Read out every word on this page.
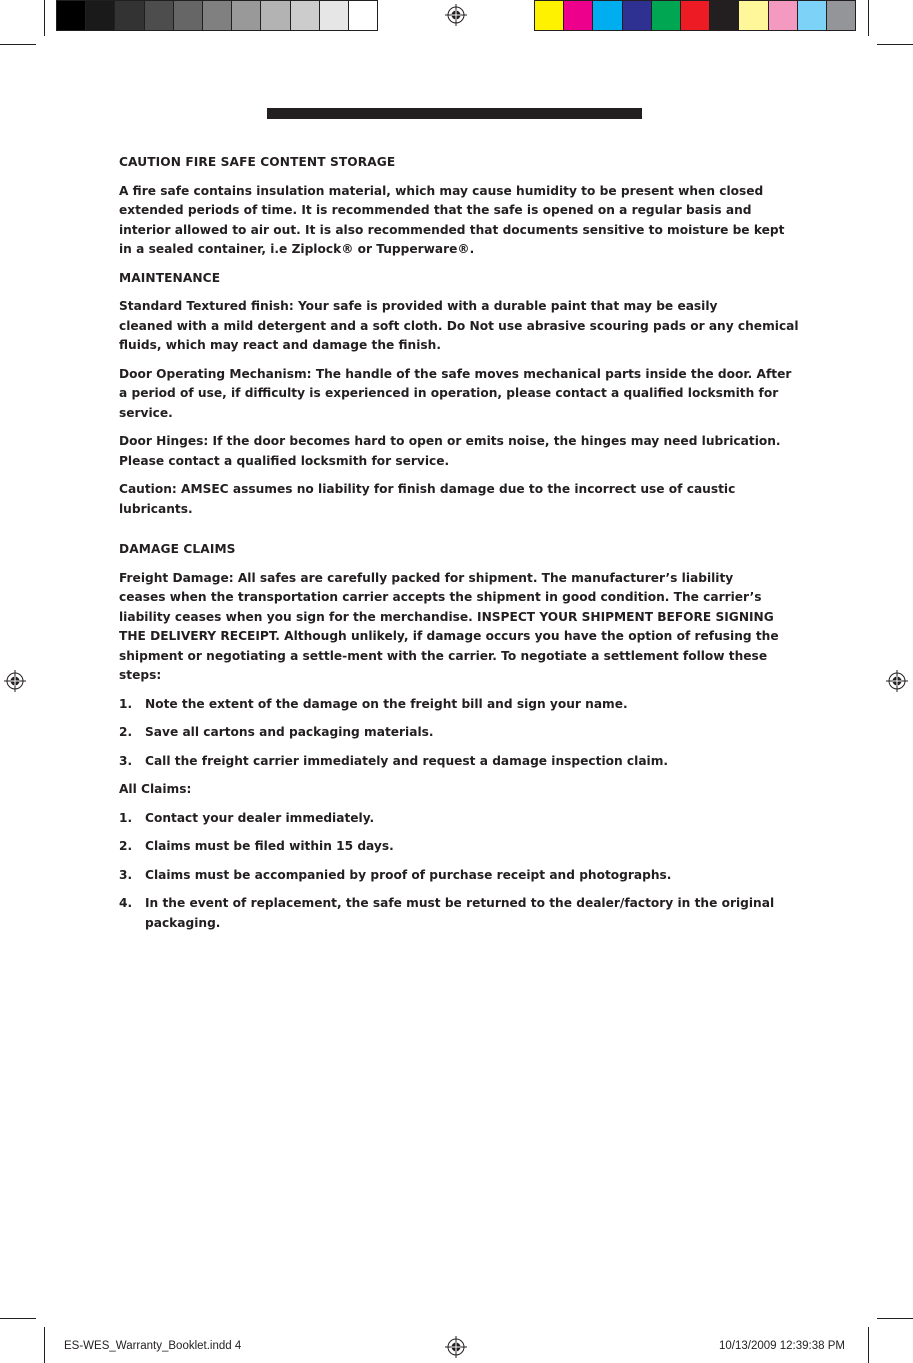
CAUTION FIRE SAFE CONTENT STORAGE

A fire safe contains insulation material, which may cause humidity to be present when closed extended periods of time. It is recommended that the safe is opened on a regular basis and interior allowed to air out. It is also recommended that documents sensitive to moisture be kept in a sealed container, i.e Ziplock® or Tupperware®.

MAINTENANCE

Standard Textured finish: Your safe is provided with a durable paint that may be easily
cleaned with a mild detergent and a soft cloth. Do Not use abrasive scouring pads or any chemical fluids, which may react and damage the finish.

Door Operating Mechanism: The handle of the safe moves mechanical parts inside the door. After a period of use, if difficulty is experienced in operation, please contact a qualified locksmith for service.

Door Hinges: If the door becomes hard to open or emits noise, the hinges may need lubrication. Please contact a qualified locksmith for service.

Caution: AMSEC assumes no liability for finish damage due to the incorrect use of caustic lubricants.

DAMAGE CLAIMS

Freight Damage: All safes are carefully packed for shipment. The manufacturer’s liability
ceases when the transportation carrier accepts the shipment in good condition. The carrier’s liability ceases when you sign for the merchandise. INSPECT YOUR SHIPMENT BEFORE SIGNING THE DELIVERY RECEIPT. Although unlikely, if damage occurs you have the option of refusing the shipment or negotiating a settle-ment with the carrier. To negotiate a settlement follow these steps:

1.	Note the extent of the damage on the freight bill and sign your name.
2.	Save all cartons and packaging materials.
3.	Call the freight carrier immediately and request a damage inspection claim.

All Claims:

1.	Contact your dealer immediately.
2.	Claims must be filed within 15 days.
3.	Claims must be accompanied by proof of purchase receipt and photographs.
4.	In the event of replacement, the safe must be returned to the dealer/factory in the original packaging.
ES-WES_Warranty_Booklet.indd 4	10/13/2009 12:39:38 PM
